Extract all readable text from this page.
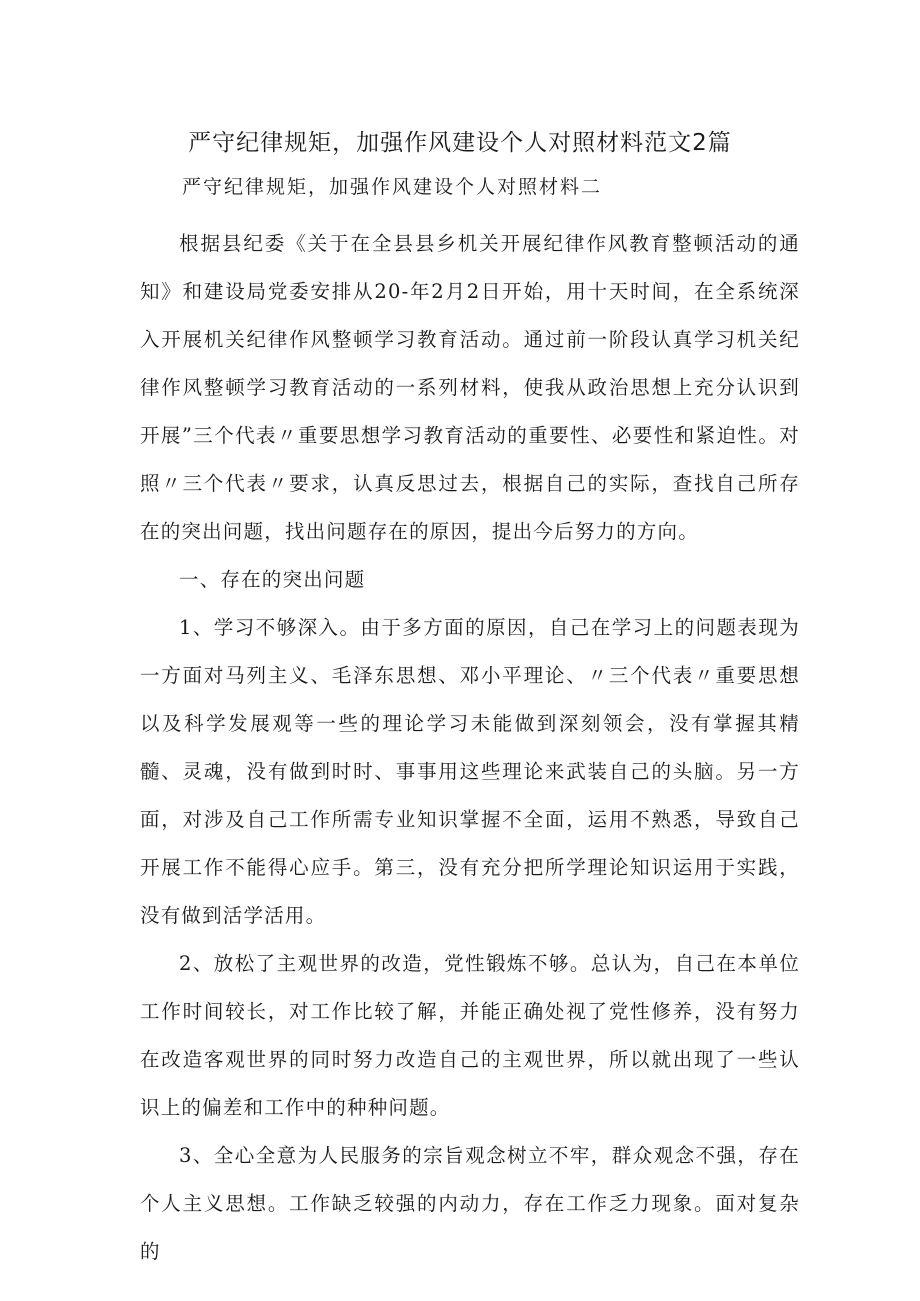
严守纪律规矩，加强作风建设个人对照材料范文2篇
严守纪律规矩，加强作风建设个人对照材料二

根据县纪委《关于在全县县乡机关开展纪律作风教育整顿活动的通知》和建设局党委安排从20-年2月2日开始，用十天时间，在全系统深入开展机关纪律作风整顿学习教育活动。通过前一阶段认真学习机关纪律作风整顿学习教育活动的一系列材料，使我从政治思想上充分认识到开展”三个代表〃重要思想学习教育活动的重要性、必要性和紧迫性。对照〃三个代表〃要求，认真反思过去，根据自己的实际，查找自己所存在的突出问题，找出问题存在的原因，提出今后努力的方向。

一、存在的突出问题

1、学习不够深入。由于多方面的原因，自己在学习上的问题表现为一方面对马列主义、毛泽东思想、邓小平理论、〃三个代表〃重要思想以及科学发展观等一些的理论学习未能做到深刻领会，没有掌握其精髓、灵魂，没有做到时时、事事用这些理论来武装自己的头脑。另一方面，对涉及自己工作所需专业知识掌握不全面，运用不熟悉，导致自己开展工作不能得心应手。第三，没有充分把所学理论知识运用于实践，没有做到活学活用。

2、放松了主观世界的改造，党性锻炼不够。总认为，自己在本单位工作时间较长，对工作比较了解，并能正确处视了党性修养，没有努力在改造客观世界的同时努力改造自己的主观世界，所以就出现了一些认识上的偏差和工作中的种种问题。

3、全心全意为人民服务的宗旨观念树立不牢，群众观念不强，存在个人主义思想。工作缺乏较强的内动力，存在工作乏力现象。面对复杂的
